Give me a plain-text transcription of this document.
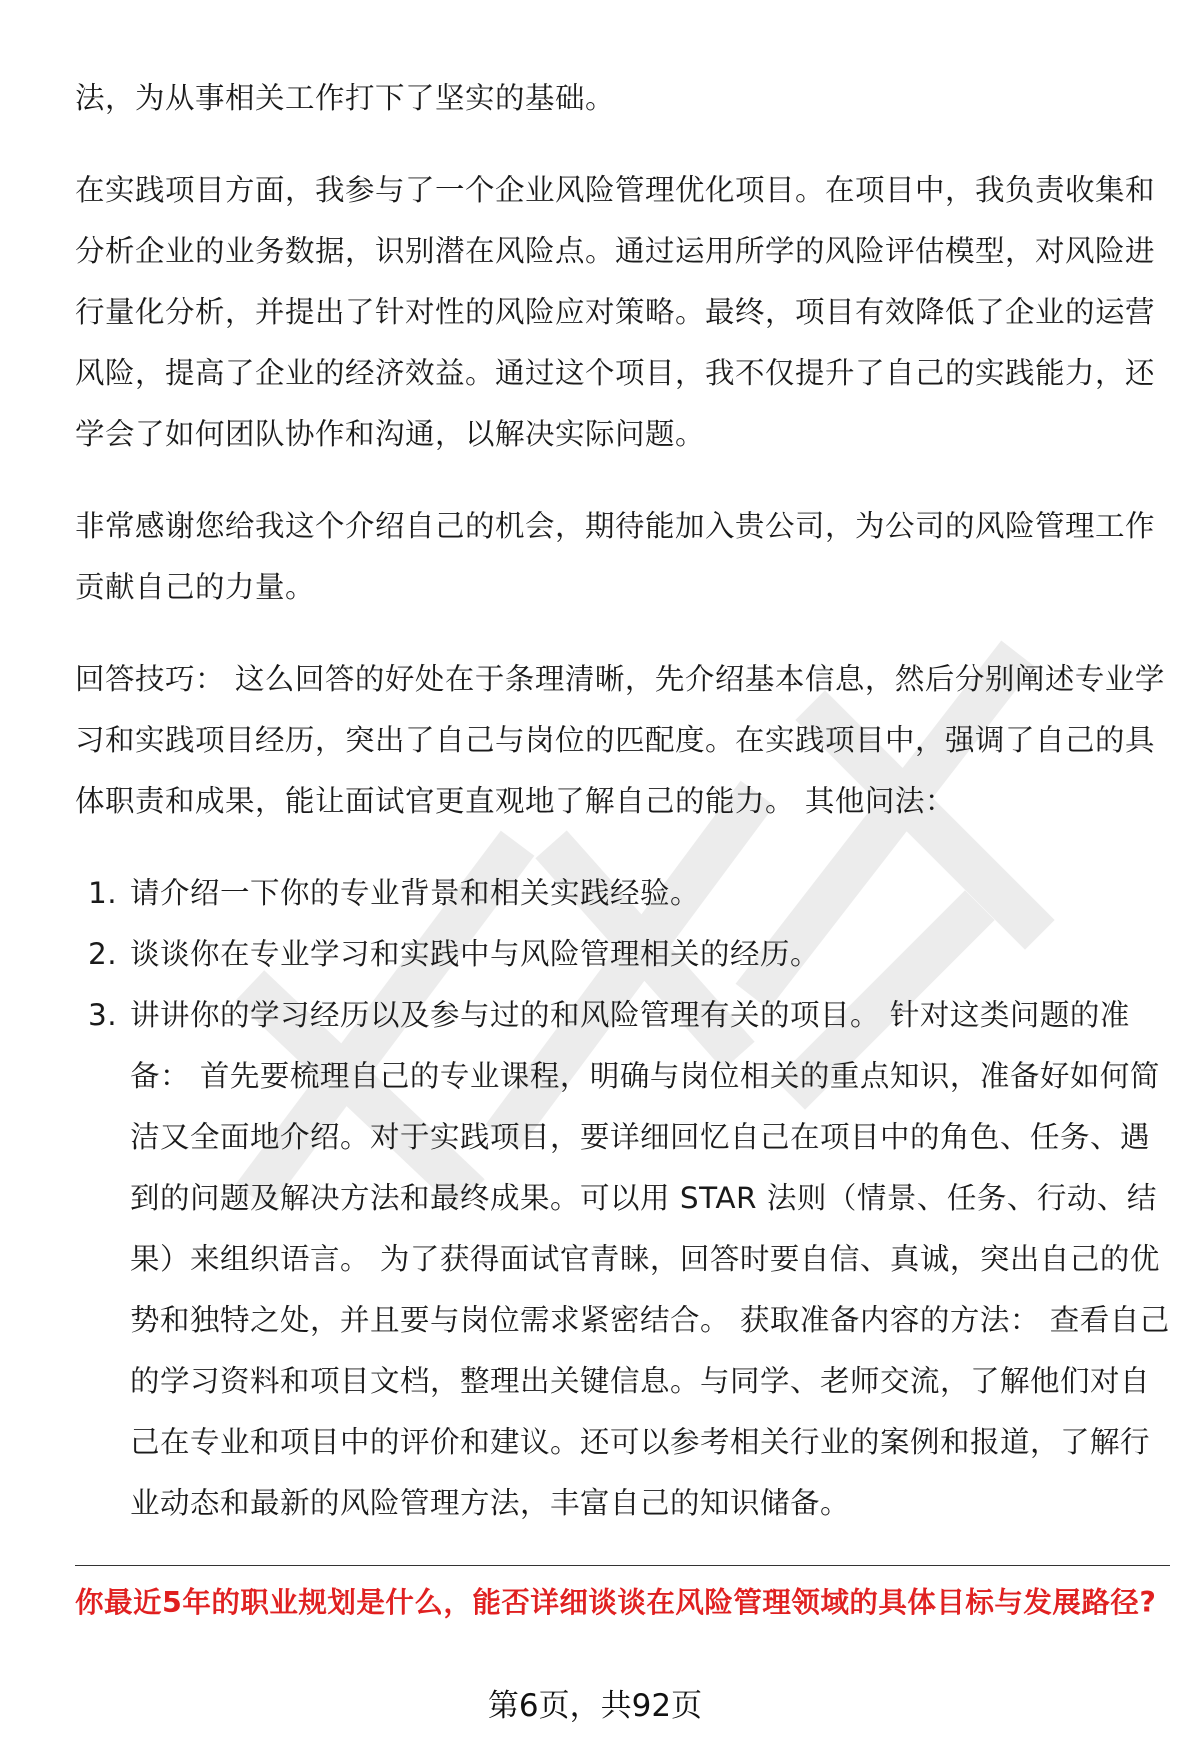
法，为从事相关工作打下了坚实的基础。

在实践项目方面，我参与了一个企业风险管理优化项目。在项目中，我负责收集和分析企业的业务数据，识别潜在风险点。通过运用所学的风险评估模型，对风险进行量化分析，并提出了针对性的风险应对策略。最终，项目有效降低了企业的运营风险，提高了企业的经济效益。通过这个项目，我不仅提升了自己的实践能力，还学会了如何团队协作和沟通，以解决实际问题。

非常感谢您给我这个介绍自己的机会，期待能加入贵公司，为公司的风险管理工作贡献自己的力量。

回答技巧： 这么回答的好处在于条理清晰，先介绍基本信息，然后分别阐述专业学习和实践项目经历，突出了自己与岗位的匹配度。在实践项目中，强调了自己的具体职责和成果，能让面试官更直观地了解自己的能力。 其他问法：

1. 请介绍一下你的专业背景和相关实践经验。
2. 谈谈你在专业学习和实践中与风险管理相关的经历。
3. 讲讲你的学习经历以及参与过的和风险管理有关的项目。 针对这类问题的准备： 首先要梳理自己的专业课程，明确与岗位相关的重点知识，准备好如何简洁又全面地介绍。对于实践项目，要详细回忆自己在项目中的角色、任务、遇到的问题及解决方法和最终成果。可以用 STAR 法则（情景、任务、行动、结果）来组织语言。 为了获得面试官青睐，回答时要自信、真诚，突出自己的优势和独特之处，并且要与岗位需求紧密结合。 获取准备内容的方法： 查看自己的学习资料和项目文档，整理出关键信息。与同学、老师交流，了解他们对自己在专业和项目中的评价和建议。还可以参考相关行业的案例和报道，了解行业动态和最新的风险管理方法，丰富自己的知识储备。
你最近5年的职业规划是什么，能否详细谈谈在风险管理领域的具体目标与发展路径?
第6页，共92页
